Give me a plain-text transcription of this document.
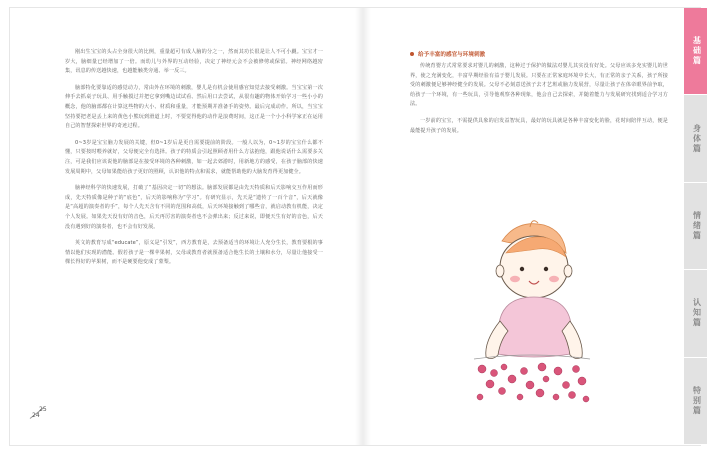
刚出生宝宝的头占全身很大的比例，重量超可有成人脑的分之一，然而其功长很是让人不可小觑。宝宝才一岁大，脑细量已经增加了一倍。而幼儿与外界的互动经验，决定了神经元会不会被修剪或保留。神经网络越密集，讯息的传送越快速，也越能触类旁通、举一反三。

脑部特化要靠适的感觉动力，常由外在环境的刺激，婴儿是有机会使用感官知觉去接受刺激。当宝宝第一次伸手去抓桌子玩具、用手触摸过并把它拿到嘴边试试看、然后用口去尝试，从很有趣的物体开始学习一些小小的概念，他的脑部都在计算这些物的大小、材质和重量，才能预期并准备手的姿势。最后完成动作。所以，当宝宝坚持要把老是丢上来的黄色小熊玩到滑道上时，不要觉得他的动作是浪费时间，这正是一个小小科学家正在运用自己的智慧探索世界的奇迹过程。

0~3岁是宝宝脑力发展的关键，但0~1岁后是更自需要提前的阶段。一般人以为，0~1岁的宝宝什么都不懂，只要按时喂养就好，父母便完全有选择。孩子的特质会引起照顾者用什么方法抱他，跟他说话什么需要多关注，可是我们应该说他的脑部是在接受环境的各种刺激，如一起去郊游时，用新地方的感受，在孩子脑部的快速发展周期中，父母如果能给孩子更好的照顾，认识他的特点和需求，就能帮助他的大脑发育得更加健全。

脑神经科学的快速发展，打破了“基因决定一切”的想法。脑部发展都是由先天特质和后天影响交互作用而形成，先天特质像是种子的“底色”，后天的影响称为“学习”。有研究显示，先天是“遗传了一百个音”，后天就像是“高超的演奏者的手”，每个人先天含有不同的范围和高低，后天环境接触到了哪些音，就启动教有机能，决定个人发展。如果先天没有好的音色，后天再厉害的演奏者也不会弹出来；反过来说，即便天生有好的音色，后天没有遇到好的演奏者，也不会有好发展。

英文的教育写成“educate”，原义是“引发”，西方教育是，去预备适当的环境让人充分生长，教育要根的事情以他们实现的潜能。假若孩子是一棵苹果树，父母或教育者就预备适合他生长的土壤和水分，尽量让他接受一棵长得好的苹果树，而不是硬要他变成了蒙梨。

24
25
给予丰富的感官与环境刺激

传统育婴方式常常要求对婴儿的刺激，这种过于保护的做法对婴儿其实没有好处。父母应该多充实婴儿的世界，使之充满变化，丰富早期经验有益于婴儿发展。只要在正常家庭环境中长大，有正常的亲子关系，孩子所接受的刺激便足够神经健全的发展。父母不必刻意送孩子去才艺班或脑力发展营，尽量让孩子在体帝眼界前争取，给孩子一个环境，有一些玩具，引导他观察各种现象，他会自己去探索，并随着能力与发展研究找到适合学习方法。

一岁前的宝宝，不需提供具象的启发益智玩具，最好的玩具就是各种丰富变化的脸，花时间陪伴互动，便是最能提升孩子的发展。

基础篇
身体篇
情绪篇
认知篇
特别篇
